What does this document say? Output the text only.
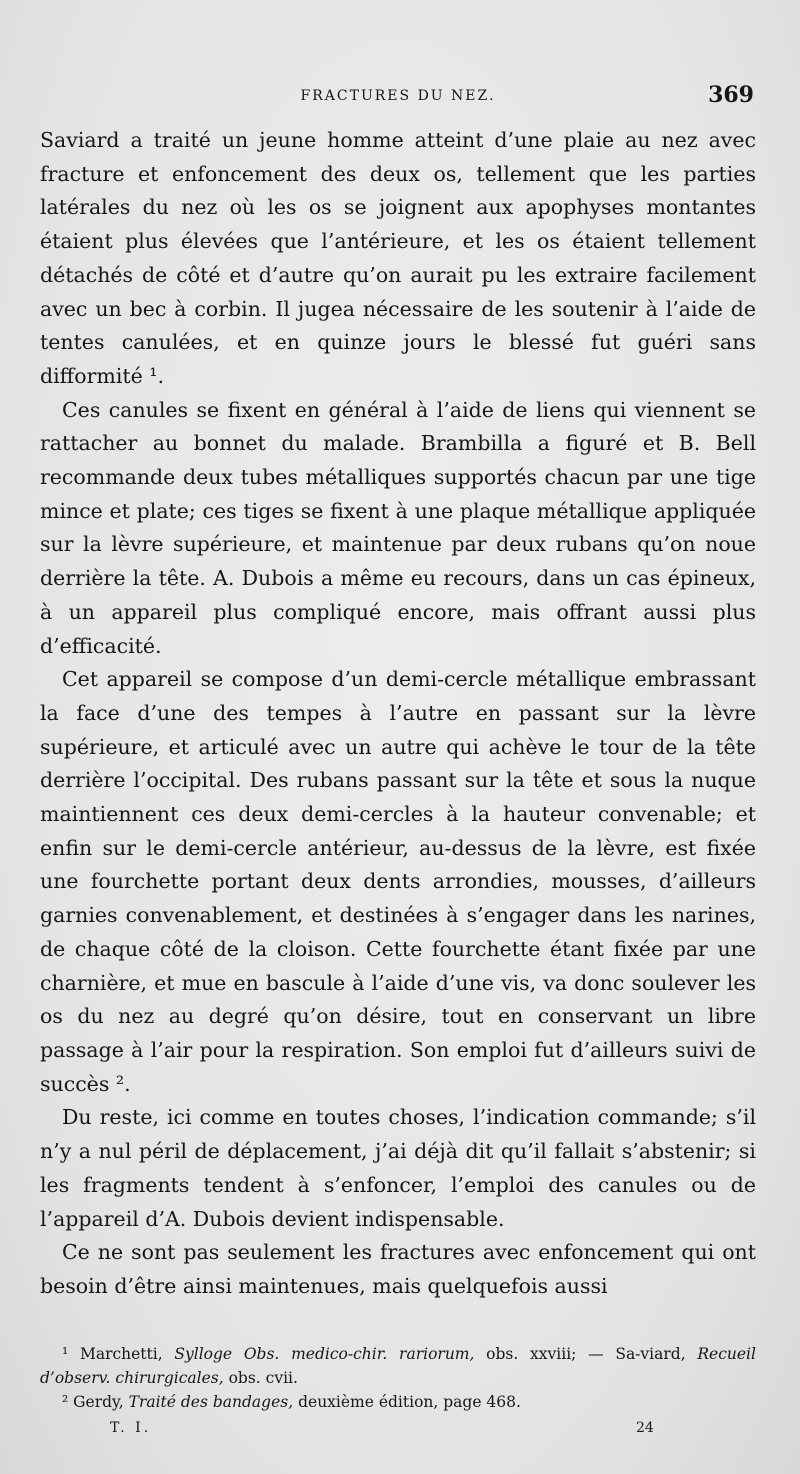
FRACTURES DU NEZ.	369

Saviard a traité un jeune homme atteint d’une plaie au nez avec fracture et enfoncement des deux os, tellement que les parties latérales du nez où les os se joignent aux apophyses montantes étaient plus élevées que l’antérieure, et les os étaient tellement détachés de côté et d’autre qu’on aurait pu les extraire facilement avec un bec à corbin. Il jugea nécessaire de les soutenir à l’aide de tentes canulées, et en quinze jours le blessé fut guéri sans difformité ¹.

Ces canules se fixent en général à l’aide de liens qui viennent se rattacher au bonnet du malade. Brambilla a figuré et B. Bell recommande deux tubes métalliques supportés chacun par une tige mince et plate; ces tiges se fixent à une plaque métallique appliquée sur la lèvre supérieure, et maintenue par deux rubans qu’on noue derrière la tête. A. Dubois a même eu recours, dans un cas épineux, à un appareil plus compliqué encore, mais offrant aussi plus d’efficacité.

Cet appareil se compose d’un demi-cercle métallique embrassant la face d’une des tempes à l’autre en passant sur la lèvre supérieure, et articulé avec un autre qui achève le tour de la tête derrière l’occipital. Des rubans passant sur la tête et sous la nuque maintiennent ces deux demi-cercles à la hauteur convenable; et enfin sur le demi-cercle antérieur, au-dessus de la lèvre, est fixée une fourchette portant deux dents arrondies, mousses, d’ailleurs garnies convenablement, et destinées à s’engager dans les narines, de chaque côté de la cloison. Cette fourchette étant fixée par une charnière, et mue en bascule à l’aide d’une vis, va donc soulever les os du nez au degré qu’on désire, tout en conservant un libre passage à l’air pour la respiration. Son emploi fut d’ailleurs suivi de succès ².

Du reste, ici comme en toutes choses, l’indication commande; s’il n’y a nul péril de déplacement, j’ai déjà dit qu’il fallait s’abstenir; si les fragments tendent à s’enfoncer, l’emploi des canules ou de l’appareil d’A. Dubois devient indispensable.

Ce ne sont pas seulement les fractures avec enfoncement qui ont besoin d’être ainsi maintenues, mais quelquefois aussi

¹ Marchetti, Sylloge Obs. medico-chir. rariorum, obs. xxviii; — Sa-viard, Recueil d’observ. chirurgicales, obs. cvii.

² Gerdy, Traité des bandages, deuxième édition, page 468.

T. I.	24
